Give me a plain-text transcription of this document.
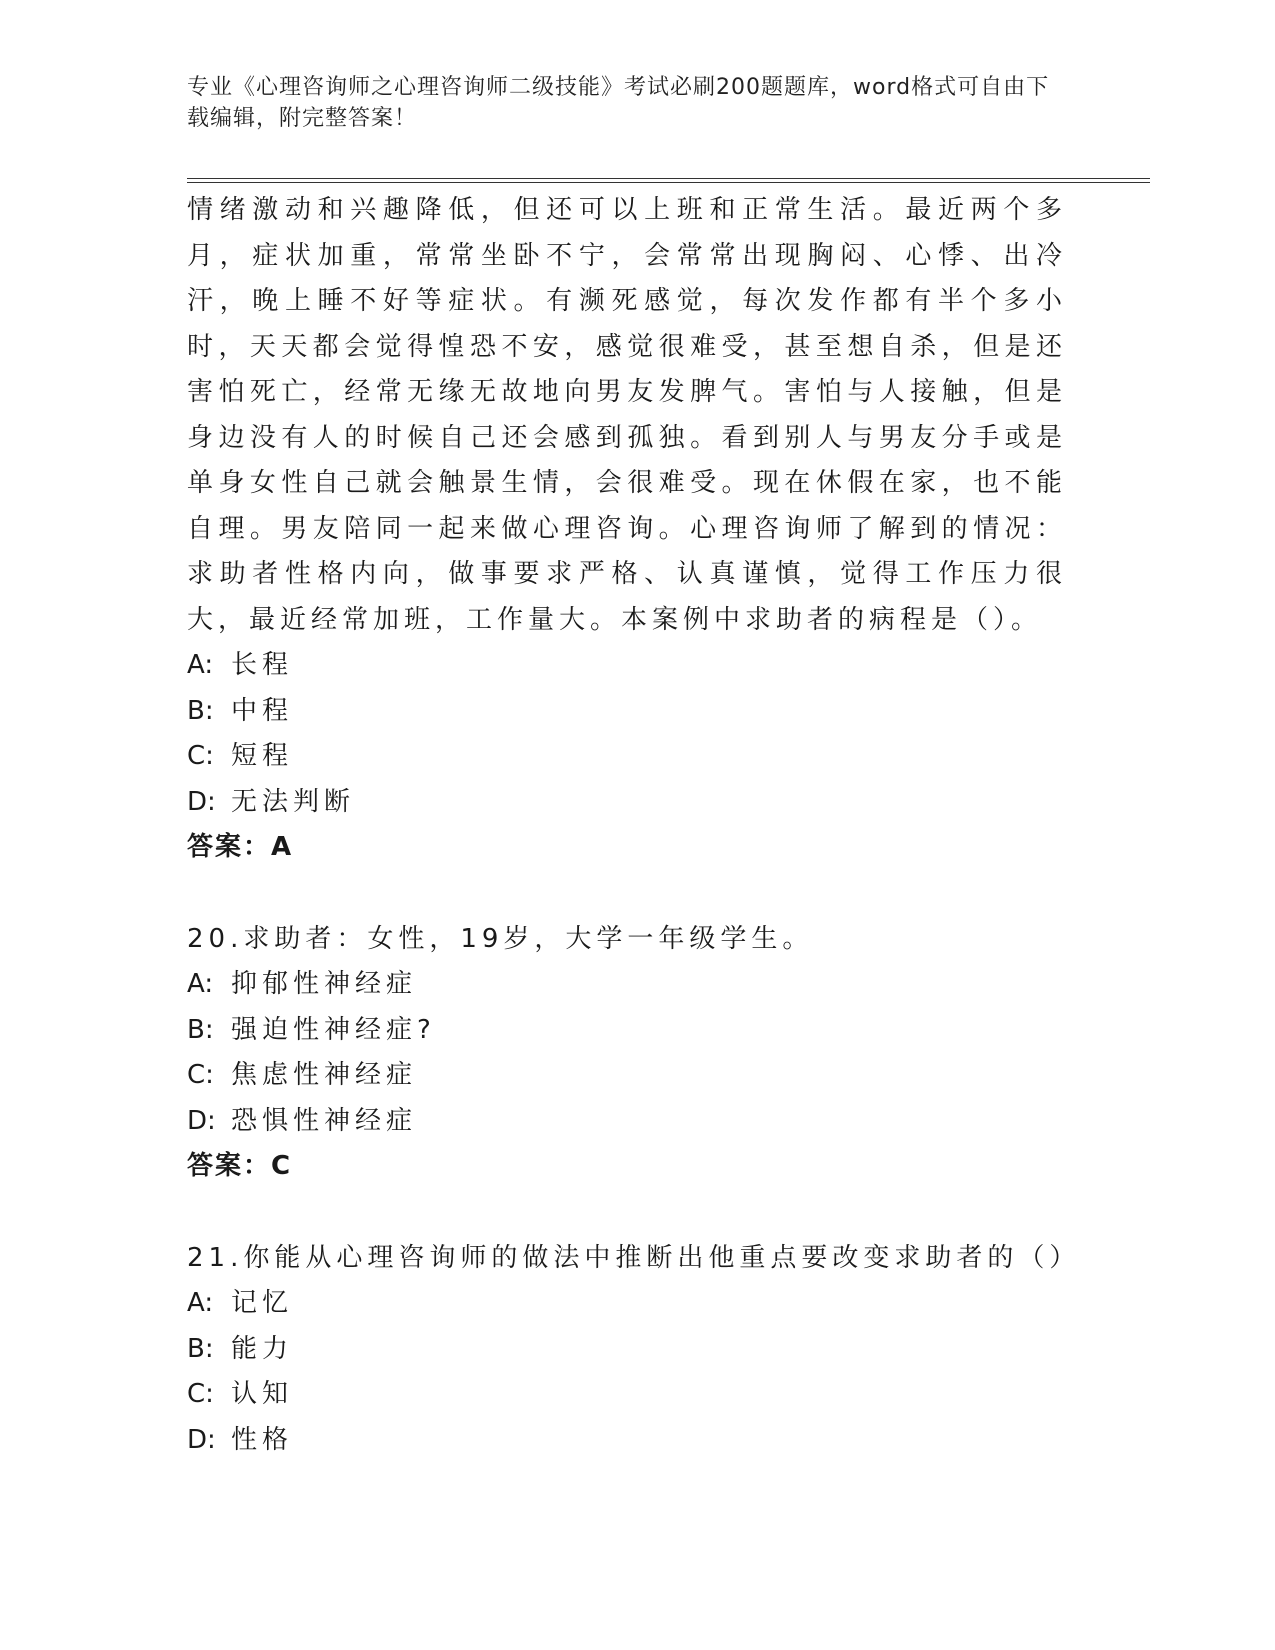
专业《心理咨询师之心理咨询师二级技能》考试必刷200题题库，word格式可自由下载编辑，附完整答案！

情绪激动和兴趣降低，但还可以上班和正常生活。最近两个多月，症状加重，常常坐卧不宁，会常常出现胸闷、心悸、出冷汗，晚上睡不好等症状。有濒死感觉，每次发作都有半个多小时，天天都会觉得惶恐不安，感觉很难受，甚至想自杀，但是还害怕死亡，经常无缘无故地向男友发脾气。害怕与人接触，但是身边没有人的时候自己还会感到孤独。看到别人与男友分手或是单身女性自己就会触景生情，会很难受。现在休假在家，也不能自理。男友陪同一起来做心理咨询。心理咨询师了解到的情况：求助者性格内向，做事要求严格、认真谨慎，觉得工作压力很大，最近经常加班，工作量大。本案例中求助者的病程是（）。

A: 长程
B: 中程
C: 短程
D: 无法判断
答案：A
20.求助者：女性，19岁，大学一年级学生。
A: 抑郁性神经症
B: 强迫性神经症?
C: 焦虑性神经症
D: 恐惧性神经症
答案：C
21.你能从心理咨询师的做法中推断出他重点要改变求助者的（）
A: 记忆
B: 能力
C: 认知
D: 性格
